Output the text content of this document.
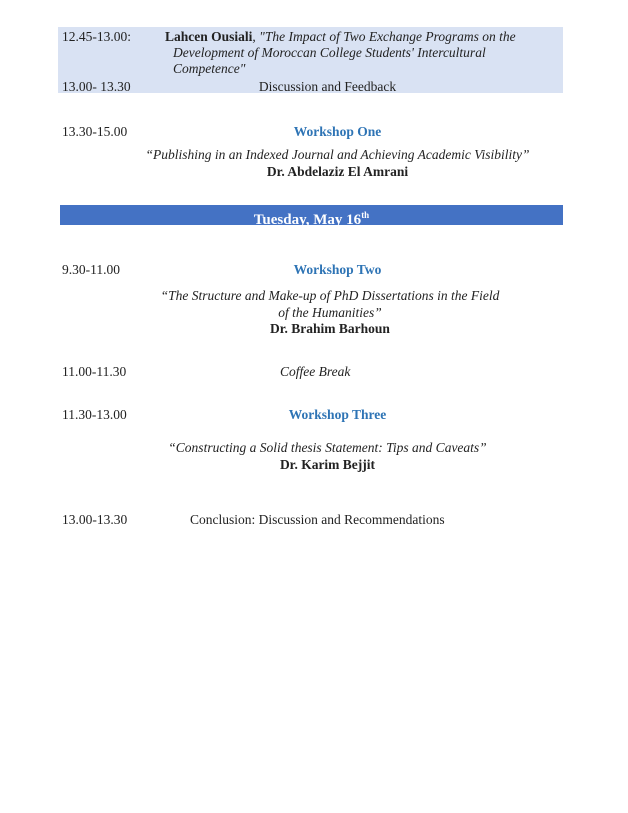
12.45-13.00:	Lahcen Ousiali, "The Impact of Two Exchange Programs on the
Development of Moroccan College Students' Intercultural
Competence"
13.00- 13.30	Discussion and Feedback
13.30-15.00	Workshop One
“Publishing in an Indexed Journal and Achieving Academic Visibility”
Dr. Abdelaziz El Amrani
Tuesday, May 16th
9.30-11.00	Workshop Two
“The Structure and Make-up of PhD Dissertations in the Field
of the Humanities”
Dr. Brahim Barhoun
11.00-11.30	Coffee Break
11.30-13.00	Workshop Three
“Constructing a Solid thesis Statement: Tips and Caveats”
Dr. Karim Bejjit
13.00-13.30	Conclusion: Discussion and Recommendations
